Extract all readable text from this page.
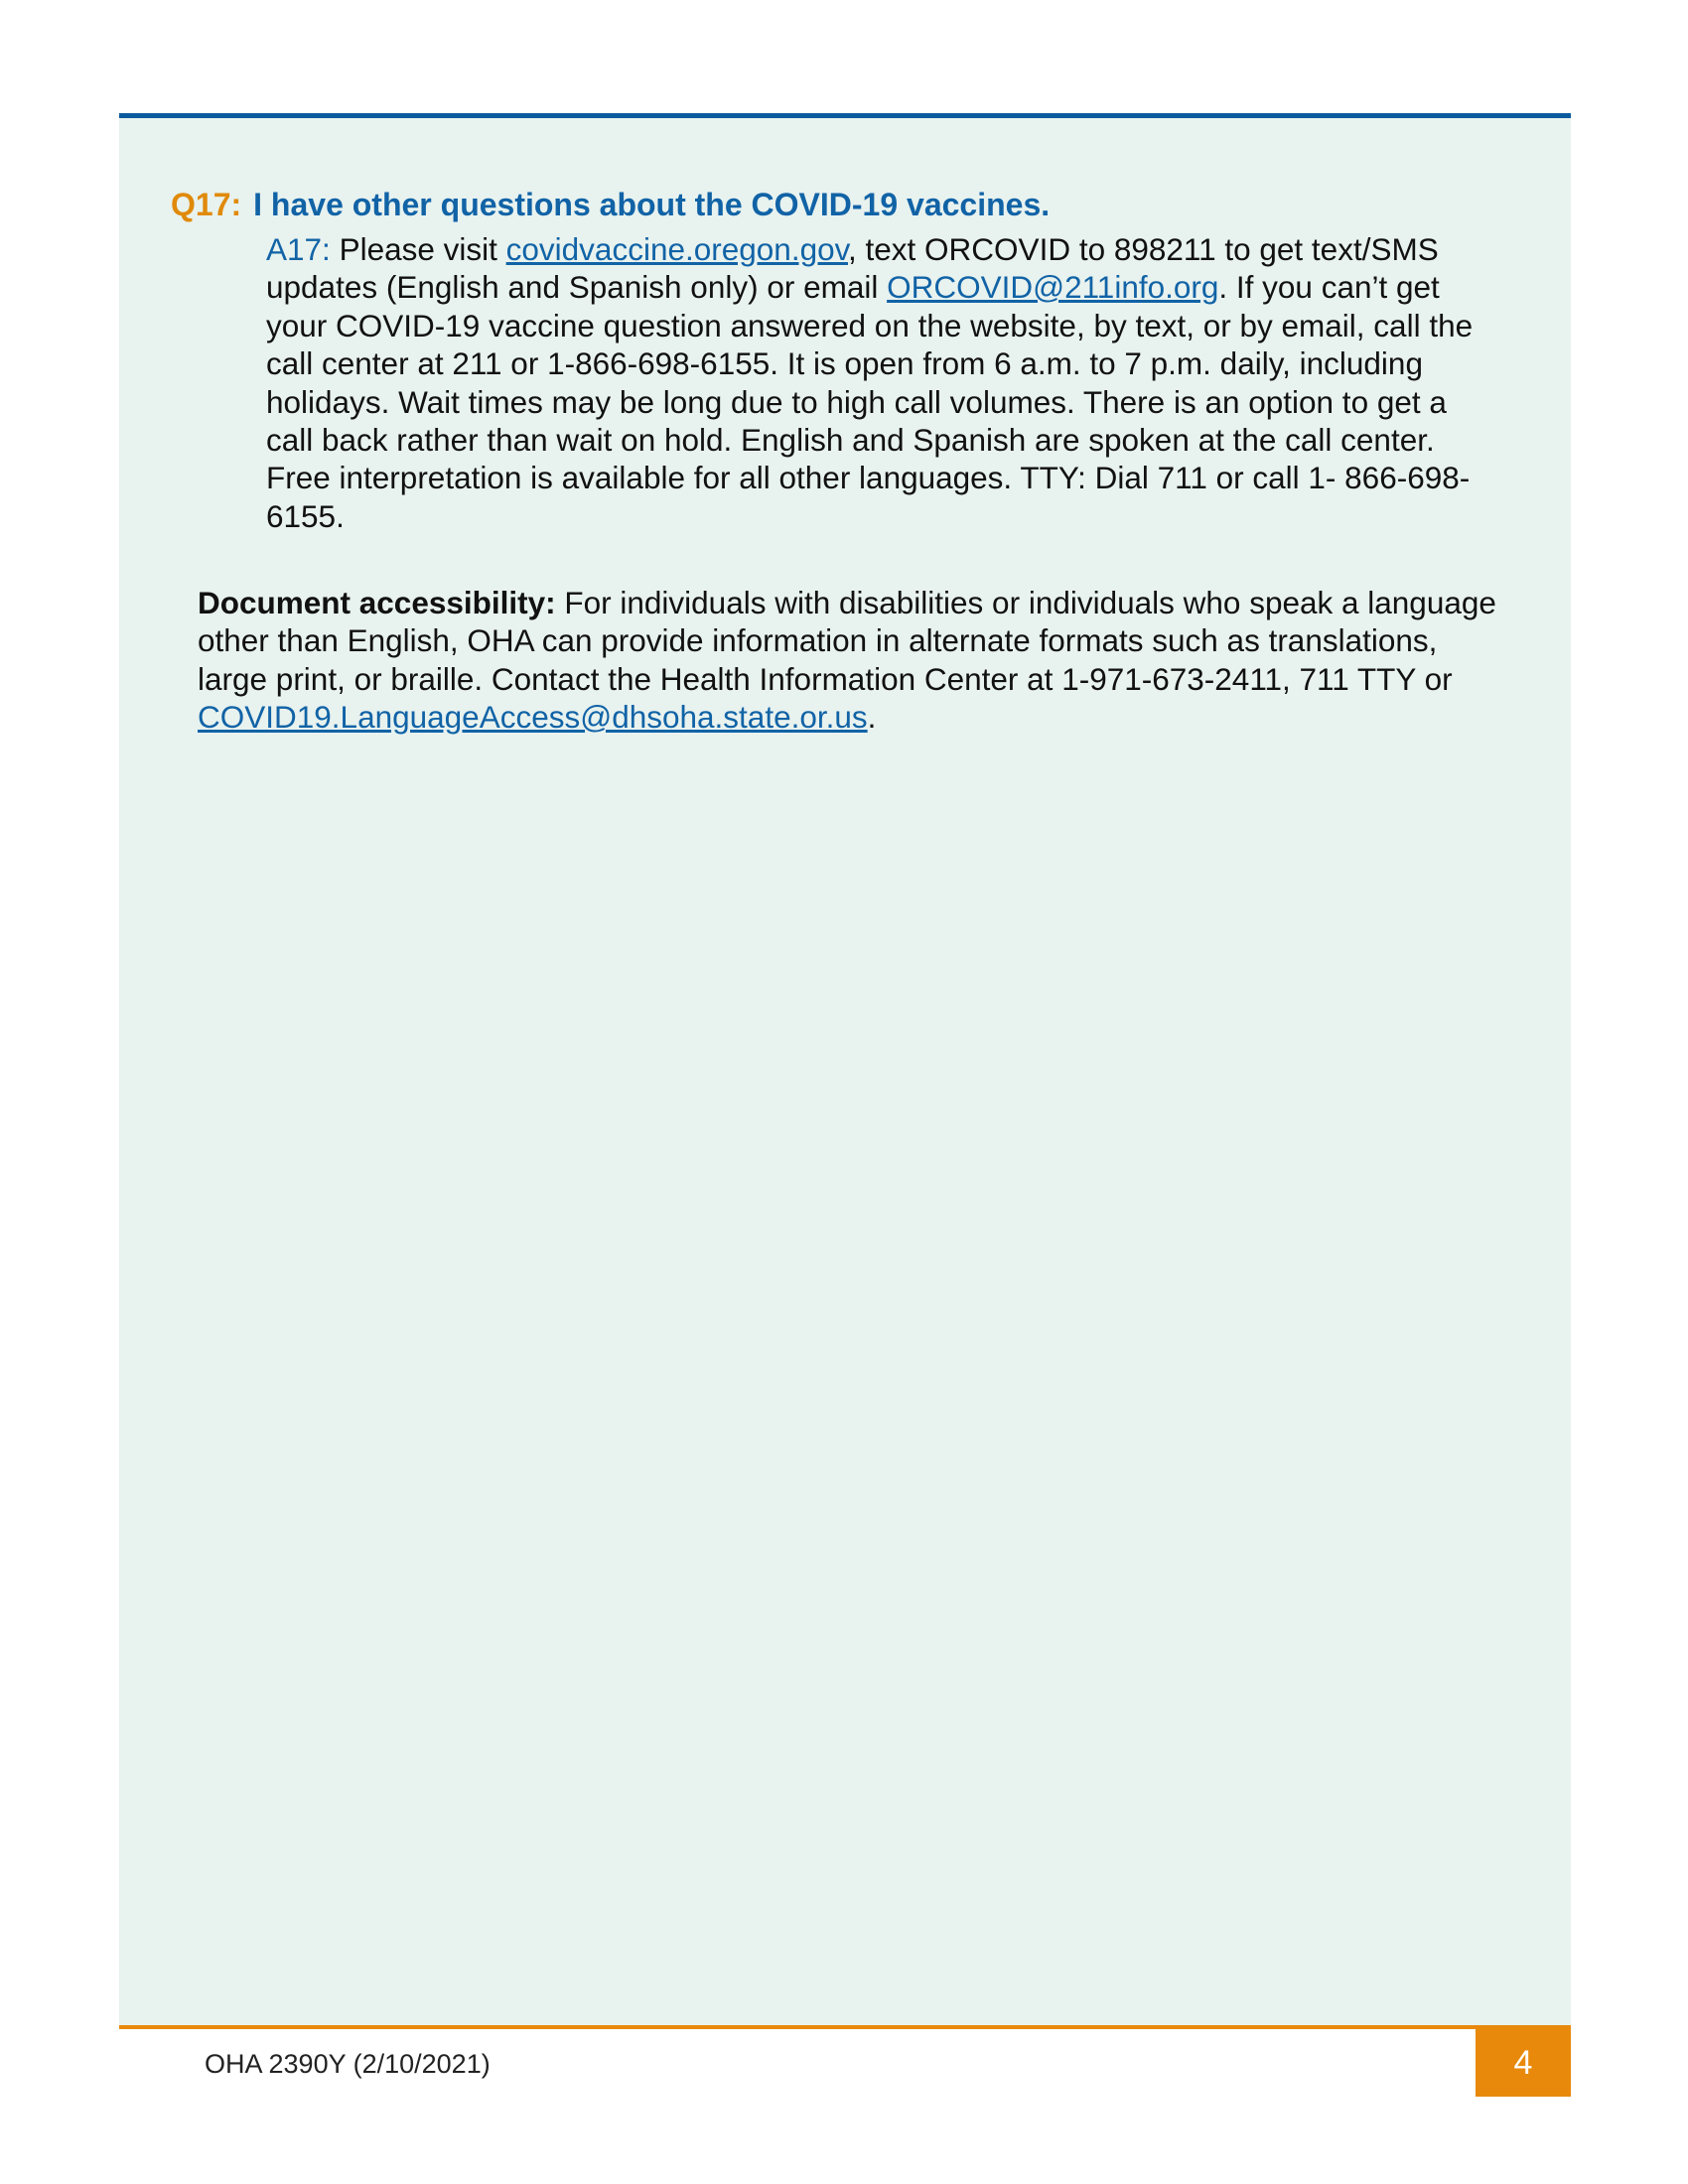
Q17: I have other questions about the COVID-19 vaccines.

A17: Please visit covidvaccine.oregon.gov, text ORCOVID to 898211 to get text/SMS updates (English and Spanish only) or email ORCOVID@211info.org. If you can’t get your COVID-19 vaccine question answered on the website, by text, or by email, call the call center at 211 or 1-866-698-6155. It is open from 6 a.m. to 7 p.m. daily, including holidays. Wait times may be long due to high call volumes. There is an option to get a call back rather than wait on hold. English and Spanish are spoken at the call center. Free interpretation is available for all other languages. TTY: Dial 711 or call 1- 866-698-6155.
Document accessibility: For individuals with disabilities or individuals who speak a language other than English, OHA can provide information in alternate formats such as translations, large print, or braille. Contact the Health Information Center at 1-971-673-2411, 711 TTY or COVID19.LanguageAccess@dhsoha.state.or.us.
OHA 2390Y (2/10/2021)	4
